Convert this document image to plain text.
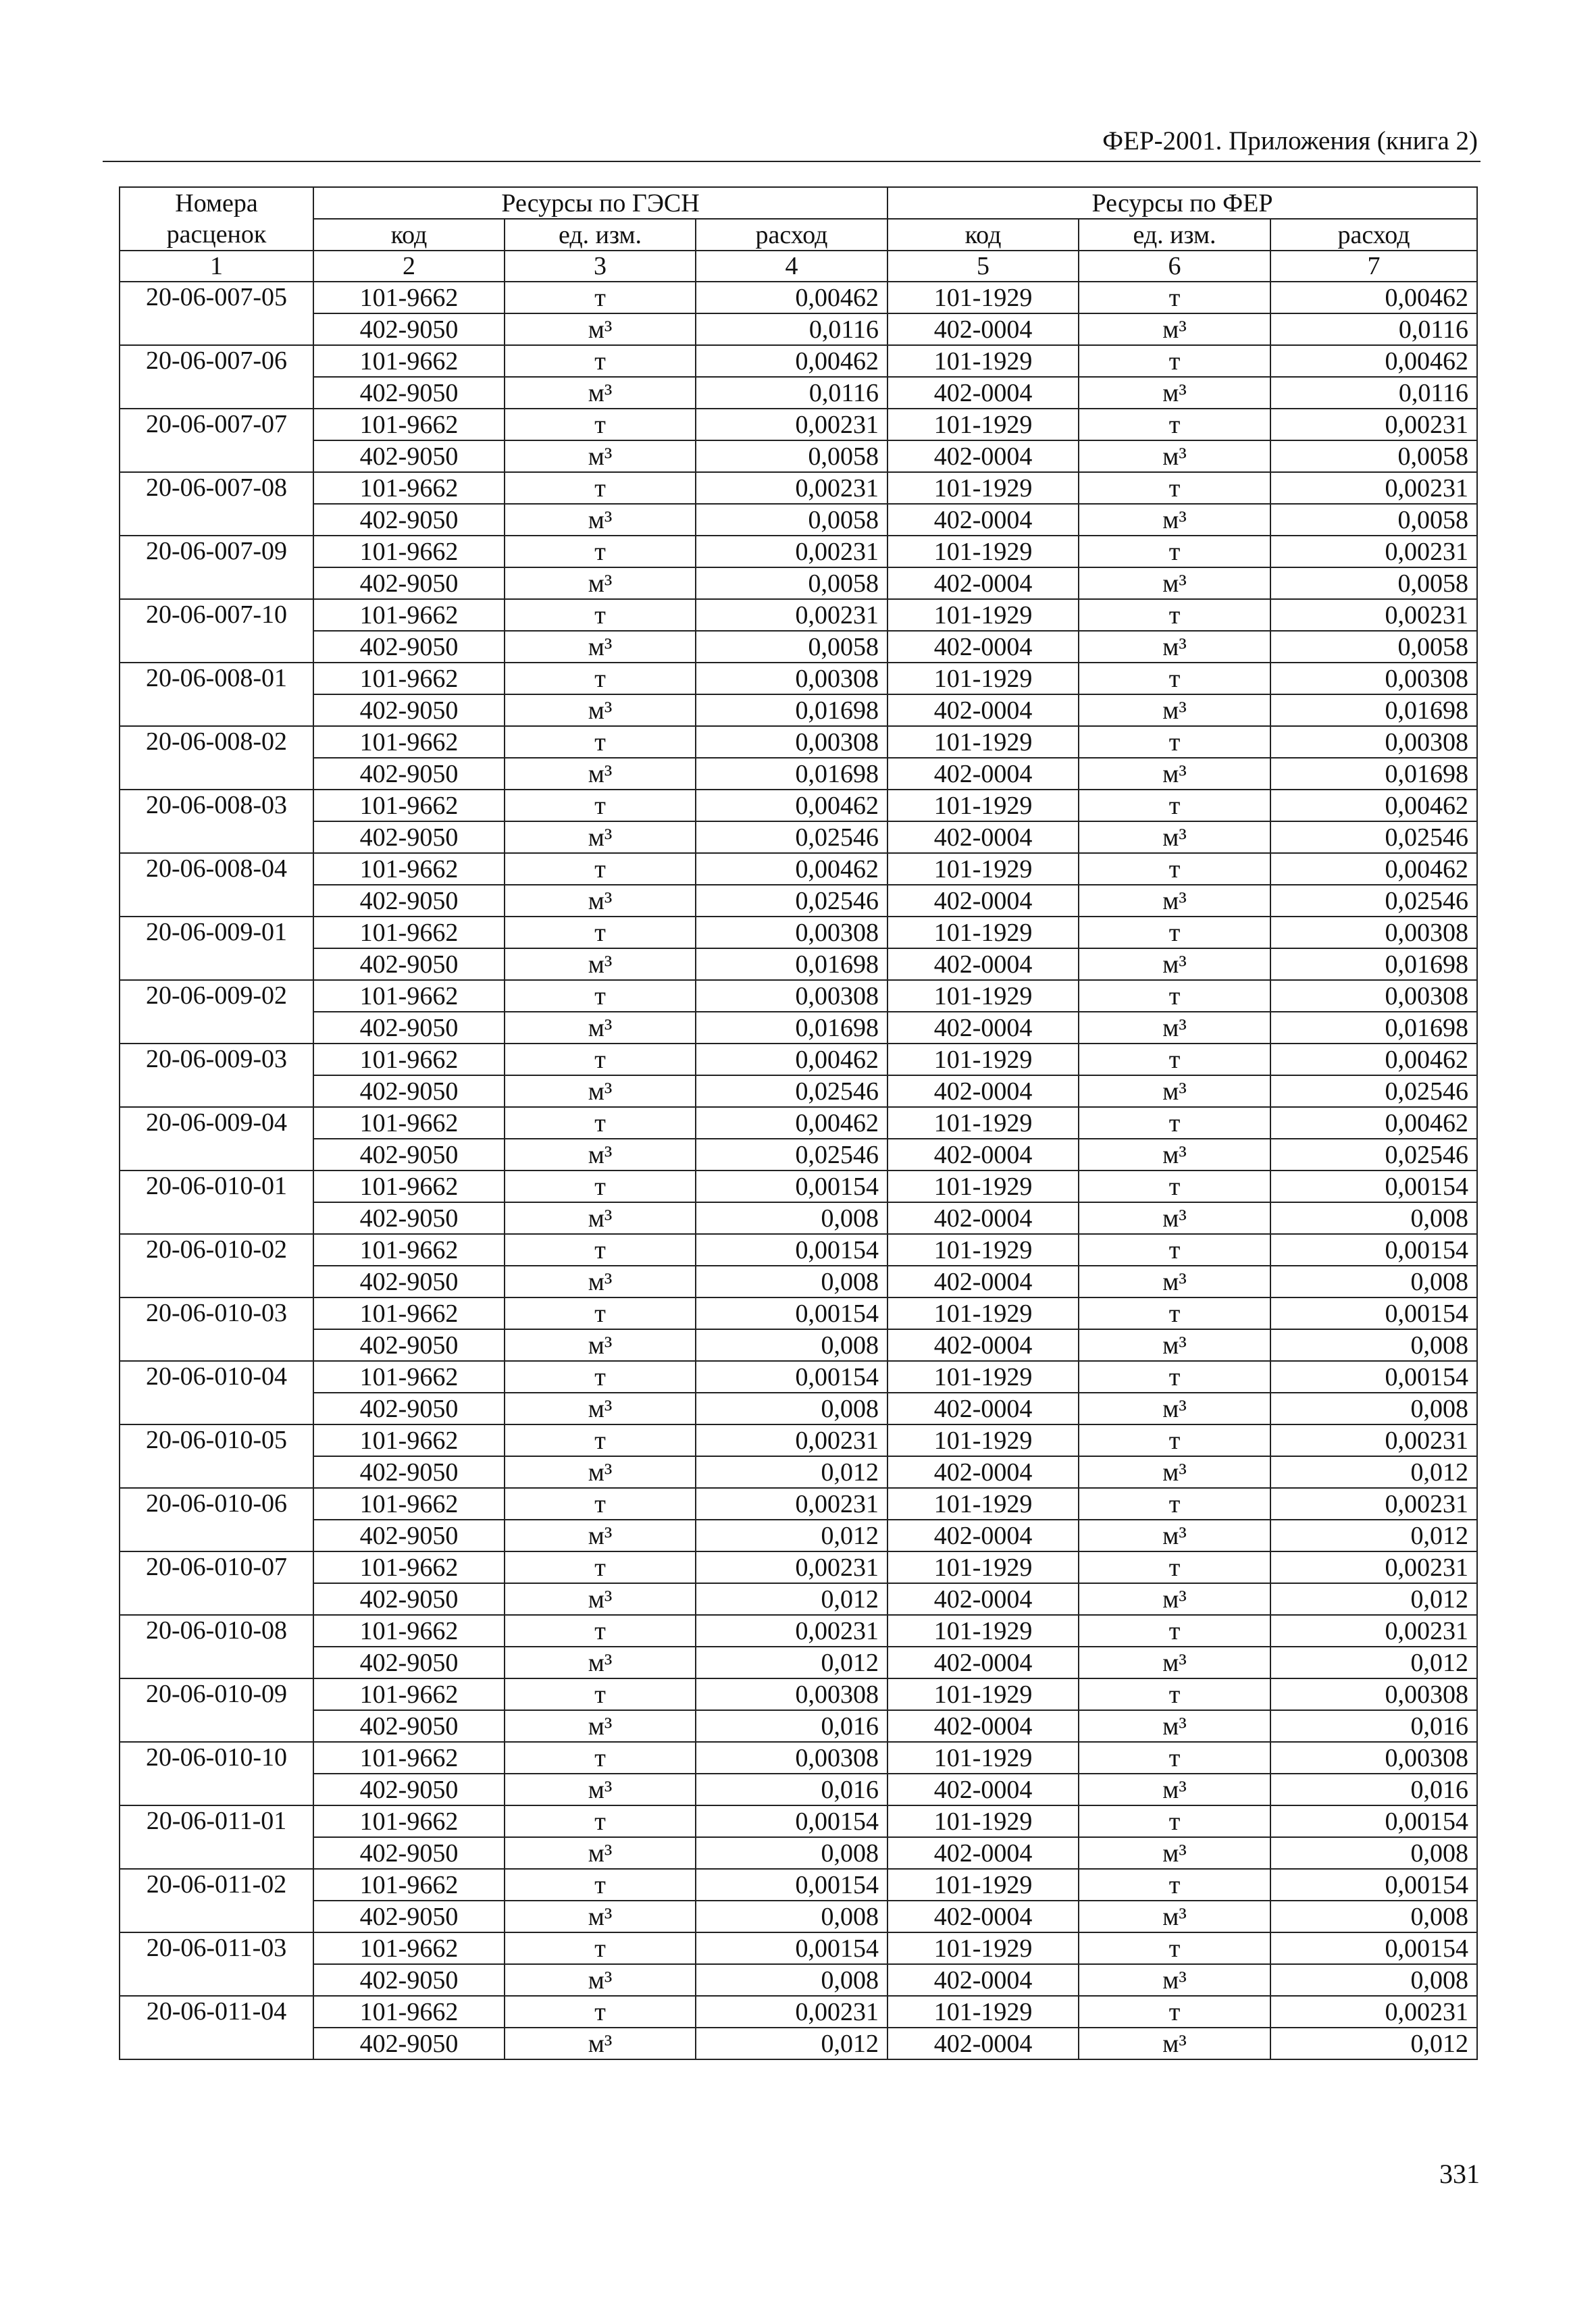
ФЕР-2001. Приложения (книга 2)
Номера расценок	Ресурсы по ГЭСН			Ресурсы по ФЕР		
	код	ед. изм.	расход	код	ед. изм.	расход
1	2	3	4	5	6	7
20-06-007-05	101-9662	т	0,00462	101-1929	т	0,00462
	402-9050	м³	0,0116	402-0004	м³	0,0116
20-06-007-06	101-9662	т	0,00462	101-1929	т	0,00462
	402-9050	м³	0,0116	402-0004	м³	0,0116
20-06-007-07	101-9662	т	0,00231	101-1929	т	0,00231
	402-9050	м³	0,0058	402-0004	м³	0,0058
20-06-007-08	101-9662	т	0,00231	101-1929	т	0,00231
	402-9050	м³	0,0058	402-0004	м³	0,0058
20-06-007-09	101-9662	т	0,00231	101-1929	т	0,00231
	402-9050	м³	0,0058	402-0004	м³	0,0058
20-06-007-10	101-9662	т	0,00231	101-1929	т	0,00231
	402-9050	м³	0,0058	402-0004	м³	0,0058
20-06-008-01	101-9662	т	0,00308	101-1929	т	0,00308
	402-9050	м³	0,01698	402-0004	м³	0,01698
20-06-008-02	101-9662	т	0,00308	101-1929	т	0,00308
	402-9050	м³	0,01698	402-0004	м³	0,01698
20-06-008-03	101-9662	т	0,00462	101-1929	т	0,00462
	402-9050	м³	0,02546	402-0004	м³	0,02546
20-06-008-04	101-9662	т	0,00462	101-1929	т	0,00462
	402-9050	м³	0,02546	402-0004	м³	0,02546
20-06-009-01	101-9662	т	0,00308	101-1929	т	0,00308
	402-9050	м³	0,01698	402-0004	м³	0,01698
20-06-009-02	101-9662	т	0,00308	101-1929	т	0,00308
	402-9050	м³	0,01698	402-0004	м³	0,01698
20-06-009-03	101-9662	т	0,00462	101-1929	т	0,00462
	402-9050	м³	0,02546	402-0004	м³	0,02546
20-06-009-04	101-9662	т	0,00462	101-1929	т	0,00462
	402-9050	м³	0,02546	402-0004	м³	0,02546
20-06-010-01	101-9662	т	0,00154	101-1929	т	0,00154
	402-9050	м³	0,008	402-0004	м³	0,008
20-06-010-02	101-9662	т	0,00154	101-1929	т	0,00154
	402-9050	м³	0,008	402-0004	м³	0,008
20-06-010-03	101-9662	т	0,00154	101-1929	т	0,00154
	402-9050	м³	0,008	402-0004	м³	0,008
20-06-010-04	101-9662	т	0,00154	101-1929	т	0,00154
	402-9050	м³	0,008	402-0004	м³	0,008
20-06-010-05	101-9662	т	0,00231	101-1929	т	0,00231
	402-9050	м³	0,012	402-0004	м³	0,012
20-06-010-06	101-9662	т	0,00231	101-1929	т	0,00231
	402-9050	м³	0,012	402-0004	м³	0,012
20-06-010-07	101-9662	т	0,00231	101-1929	т	0,00231
	402-9050	м³	0,012	402-0004	м³	0,012
20-06-010-08	101-9662	т	0,00231	101-1929	т	0,00231
	402-9050	м³	0,012	402-0004	м³	0,012
20-06-010-09	101-9662	т	0,00308	101-1929	т	0,00308
	402-9050	м³	0,016	402-0004	м³	0,016
20-06-010-10	101-9662	т	0,00308	101-1929	т	0,00308
	402-9050	м³	0,016	402-0004	м³	0,016
20-06-011-01	101-9662	т	0,00154	101-1929	т	0,00154
	402-9050	м³	0,008	402-0004	м³	0,008
20-06-011-02	101-9662	т	0,00154	101-1929	т	0,00154
	402-9050	м³	0,008	402-0004	м³	0,008
20-06-011-03	101-9662	т	0,00154	101-1929	т	0,00154
	402-9050	м³	0,008	402-0004	м³	0,008
20-06-011-04	101-9662	т	0,00231	101-1929	т	0,00231
	402-9050	м³	0,012	402-0004	м³	0,012
331
